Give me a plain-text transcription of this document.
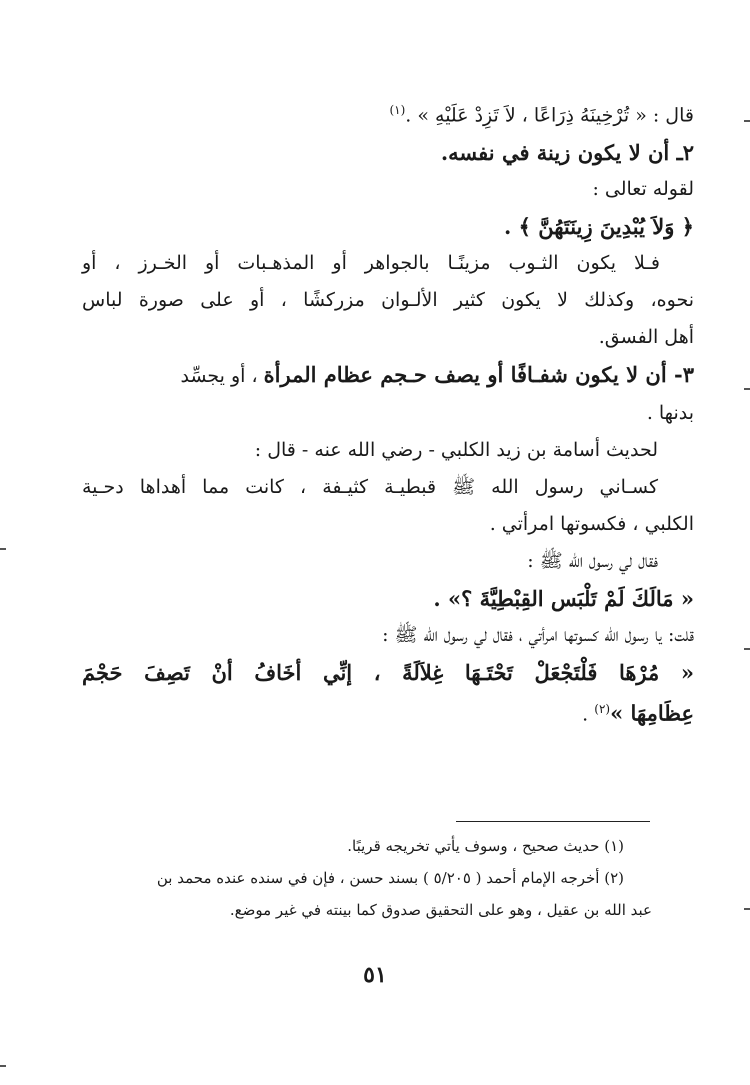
قال : « تُرْخِينَهُ ذِرَاعًا ، لاَ تَزِدْ عَلَيْهِ » .$^{(١)}$
٢ـ أن لا يكون زينة في نفسه.
لقوله تعالى :
﴿ وَلاَ يُبْدِينَ زِينَتَهُنَّ ﴾ .
فـلا يكون الثـوب مزينًـا بالجواهر أو المذهـبات أو الخـرز ، أو
نحوه، وكذلك لا يكون كثير الألـوان مزركشًا ، أو على صورة لباس
أهل الفسق.
٣- أن لا يكون شفـافًا أو يصف حـجم عظام المرأة ، أو يجسِّد
بدنها .
لحديث أسامة بن زيد الكلبي - رضي الله عنه - قال :
كسـاني رسول الله ﷺ قبطيـة كثيـفة ، كانت مما أهداها دحـية
الكلبي ، فكسوتها امرأتي .
فقال لي رسول الله ﷺ :
« مَالَكَ لَمْ تَلْبَس القِبْطِيَّةَ ؟» .
قلت: يا رسول الله كسوتها امرأتي ، فقال لي رسول الله ﷺ :
« مُرْهَا فَلْتَجْعَلْ تَحْتَـهَا غِلاَلَةً ، إنِّي أخَافُ أنْ تَصِفَ حَجْمَ
عِظَامِهَا »$^{(٢)}$ .
(١) حديث صحيح ، وسوف يأتي تخريجه قريبًا.
(٢) أخرجه الإمام أحمد ( ٥/٢٠٥ ) بسند حسن ، فإن في سنده عنده محمد بن
عبد الله بن عقيل ، وهو على التحقيق صدوق كما بينته في غير موضع.
٥١
